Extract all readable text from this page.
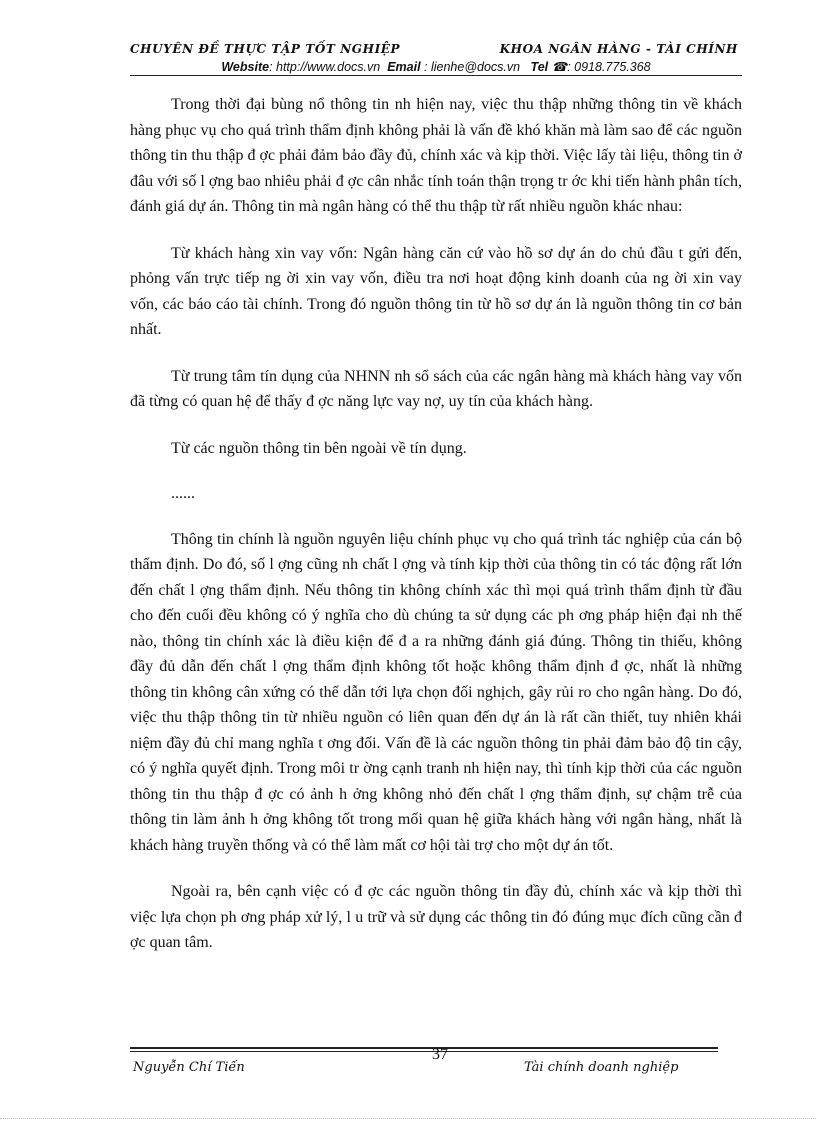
CHUYÊN ĐỀ THỰC TẬP TỐT NGHIỆP	KHOA NGÂN HÀNG - TÀI CHÍNH
Website: http://www.docs.vn Email : lienhe@docs.vn Tel ☎: 0918.775.368

Trong thời đại bùng nổ thông tin nh hiện nay, việc thu thập những thông tin về khách hàng phục vụ cho quá trình thẩm định không phải là vấn đề khó khăn mà làm sao để các nguồn thông tin thu thập đ ợc phải đảm bảo đầy đủ, chính xác và kịp thời. Việc lấy tài liệu, thông tin ở đâu với số l ợng bao nhiêu phải đ ợc cân nhắc tính toán thận trọng tr ớc khi tiến hành phân tích, đánh giá dự án. Thông tin mà ngân hàng có thể thu thập từ rất nhiều nguồn khác nhau:

Từ khách hàng xin vay vốn: Ngân hàng căn cứ vào hồ sơ dự án do chủ đầu t gửi đến, phỏng vấn trực tiếp ng ời xin vay vốn, điều tra nơi hoạt động kinh doanh của ng ời xin vay vốn, các báo cáo tài chính. Trong đó nguồn thông tin từ hồ sơ dự án là nguồn thông tin cơ bản nhất.

Từ trung tâm tín dụng của NHNN nh sổ sách của các ngân hàng mà khách hàng vay vốn đã từng có quan hệ để thấy đ ợc năng lực vay nợ, uy tín của khách hàng.

Từ các nguồn thông tin bên ngoài về tín dụng.

......

Thông tin chính là nguồn nguyên liệu chính phục vụ cho quá trình tác nghiệp của cán bộ thẩm định. Do đó, số l ợng cũng nh chất l ợng và tính kịp thời của thông tin có tác động rất lớn đến chất l ợng thẩm định. Nếu thông tin không chính xác thì mọi quá trình thẩm định từ đầu cho đến cuối đều không có ý nghĩa cho dù chúng ta sử dụng các ph ơng pháp hiện đại nh thế nào, thông tin chính xác là điều kiện để đ a ra những đánh giá đúng. Thông tin thiếu, không đầy đủ dẫn đến chất l ợng thẩm định không tốt hoặc không thẩm định đ ợc, nhất là những thông tin không cân xứng có thể dẫn tới lựa chọn đối nghịch, gây rủi ro cho ngân hàng. Do đó, việc thu thập thông tin từ nhiều nguồn có liên quan đến dự án là rất cần thiết, tuy nhiên khái niệm đầy đủ chỉ mang nghĩa t ơng đối. Vấn đề là các nguồn thông tin phải đảm bảo độ tin cậy, có ý nghĩa quyết định. Trong môi tr ờng cạnh tranh nh hiện nay, thì tính kịp thời của các nguồn thông tin thu thập đ ợc có ảnh h ởng không nhỏ đến chất l ợng thẩm định, sự chậm trễ của thông tin làm ảnh h ởng không tốt trong mối quan hệ giữa khách hàng với ngân hàng, nhất là khách hàng truyền thống và có thể làm mất cơ hội tài trợ cho một dự án tốt.

Ngoài ra, bên cạnh việc có đ ợc các nguồn thông tin đầy đủ, chính xác và kịp thời thì việc lựa chọn ph ơng pháp xử lý, l u trữ và sử dụng các thông tin đó đúng mục đích cũng cần đ ợc quan tâm.

Nguyễn Chí Tiến
37
Tài chính doanh nghiệp
